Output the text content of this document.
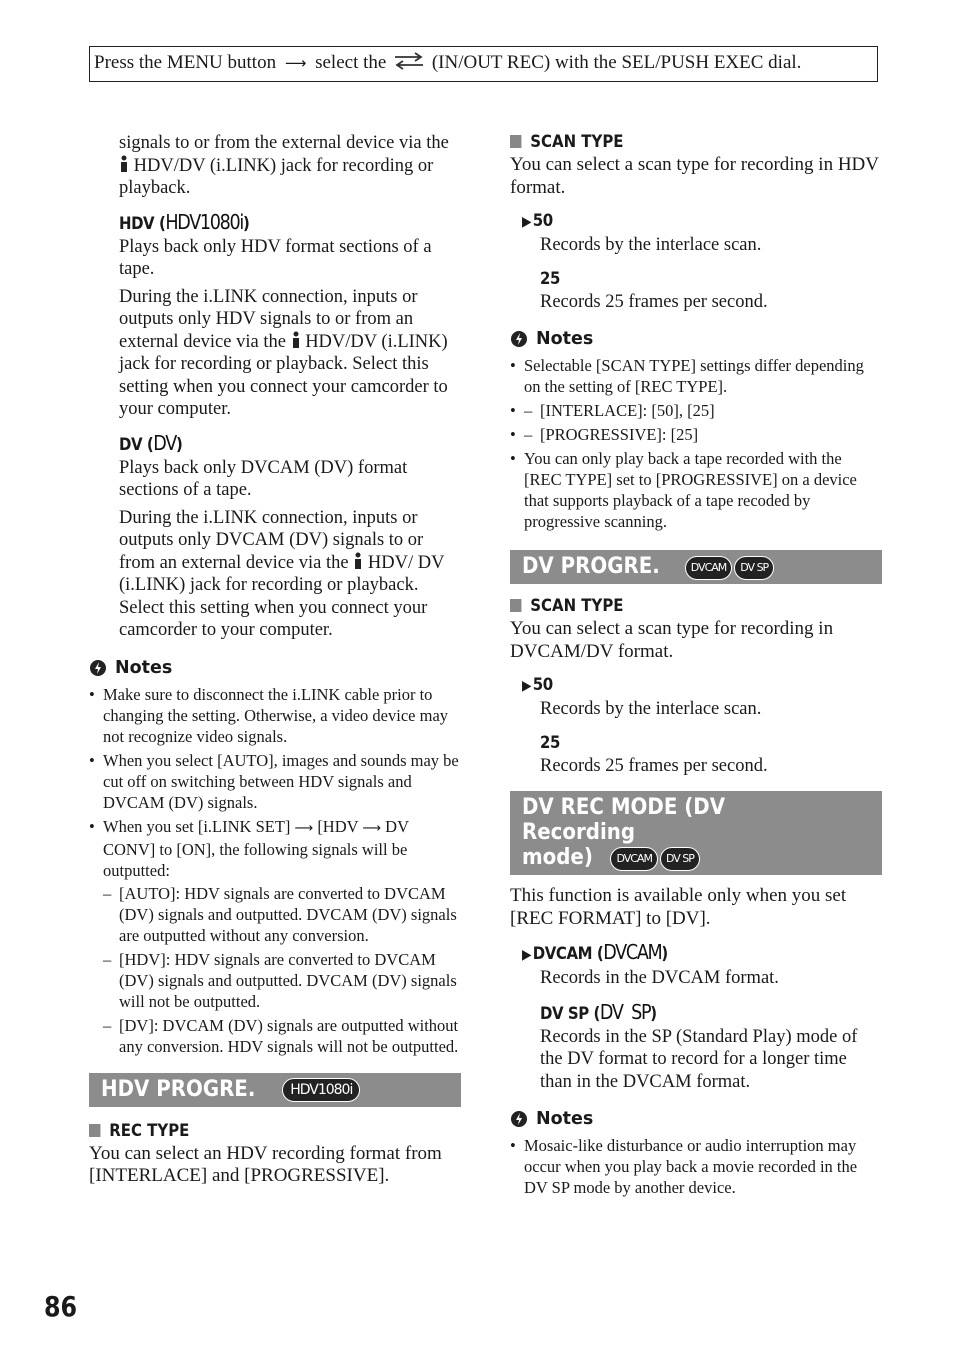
Press the MENU button ⟶ select the (IN/OUT REC) with the SEL/PUSH EXEC dial.
signals to or from the external device via the  HDV/DV (i.LINK) jack for recording or playback.
HDV (HDV1080i)
Plays back only HDV format sections of a tape.
During the i.LINK connection, inputs or outputs only HDV signals to or from an external device via the HDV/DV (i.LINK) jack for recording or playback. Select this setting when you connect your camcorder to your computer.
DV (DV)
Plays back only DVCAM (DV) format sections of a tape.
During the i.LINK connection, inputs or outputs only DVCAM (DV) signals to or from an external device via the HDV/ DV (i.LINK) jack for recording or playback. Select this setting when you connect your camcorder to your computer.
Notes
• Make sure to disconnect the i.LINK cable prior to changing the setting. Otherwise, a video device may not recognize video signals.
• When you select [AUTO], images and sounds may be cut off on switching between HDV signals and DVCAM (DV) signals.
• When you set [i.LINK SET] ⟶ [HDV ⟶ DV CONV] to [ON], the following signals will be outputted:
– [AUTO]: HDV signals are converted to DVCAM (DV) signals and outputted. DVCAM (DV) signals are outputted without any conversion.
– [HDV]: HDV signals are converted to DVCAM (DV) signals and outputted. DVCAM (DV) signals will not be outputted.
– [DV]: DVCAM (DV) signals are outputted without any conversion. HDV signals will not be outputted.
HDV PROGRE. HDV1080i
REC TYPE
You can select an HDV recording format from [INTERLACE] and [PROGRESSIVE].
SCAN TYPE
You can select a scan type for recording in HDV format.
▶ 50
Records by the interlace scan.
25
Records 25 frames per second.
Notes
• Selectable [SCAN TYPE] settings differ depending on the setting of [REC TYPE].
• – [INTERLACE]: [50], [25]
• – [PROGRESSIVE]: [25]
• You can only play back a tape recorded with the [REC TYPE] set to [PROGRESSIVE] on a device that supports playback of a tape recoded by progressive scanning.
DV PROGRE.	DVCAM DV SP
SCAN TYPE
You can select a scan type for recording in DVCAM/DV format.
▶ 50
Records by the interlace scan.
25
Records 25 frames per second.
DV REC MODE (DV Recording
mode) DVCAM DV SP
This function is available only when you set [REC FORMAT] to [DV].
▶ DVCAM (DVCAM)
Records in the DVCAM format.
DV SP (DV  SP)
Records in the SP (Standard Play) mode of the DV format to record for a longer time than in the DVCAM format.
Notes
• Mosaic-like disturbance or audio interruption may occur when you play back a movie recorded in the DV SP mode by another device.
86
